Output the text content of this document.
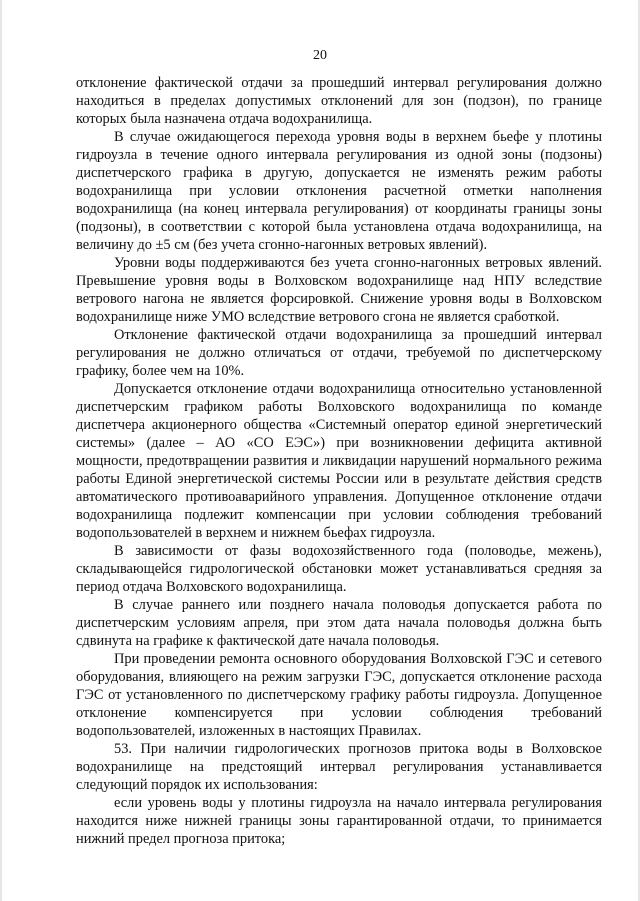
20

отклонение фактической отдачи за прошедший интервал регулирования должно находиться в пределах допустимых отклонений для зон (подзон), по границе которых была назначена отдача водохранилища.

В случае ожидающегося перехода уровня воды в верхнем бьефе у плотины гидроузла в течение одного интервала регулирования из одной зоны (подзоны) диспетчерского графика в другую, допускается не изменять режим работы водохранилища при условии отклонения расчетной отметки наполнения водохранилища (на конец интервала регулирования) от координаты границы зоны (подзоны), в соответствии с которой была установлена отдача водохранилища, на величину до ±5 см (без учета сгонно-нагонных ветровых явлений).

Уровни воды поддерживаются без учета сгонно-нагонных ветровых явлений. Превышение уровня воды в Волховском водохранилище над НПУ вследствие ветрового нагона не является форсировкой. Снижение уровня воды в Волховском водохранилище ниже УМО вследствие ветрового сгона не является сработкой.

Отклонение фактической отдачи водохранилища за прошедший интервал регулирования не должно отличаться от отдачи, требуемой по диспетчерскому графику, более чем на 10%.

Допускается отклонение отдачи водохранилища относительно установленной диспетчерским графиком работы Волховского водохранилища по команде диспетчера акционерного общества «Системный оператор единой энергетический системы» (далее – АО «СО ЕЭС») при возникновении дефицита активной мощности, предотвращении развития и ликвидации нарушений нормального режима работы Единой энергетической системы России или в результате действия средств автоматического противоаварийного управления. Допущенное отклонение отдачи водохранилища подлежит компенсации при условии соблюдения требований водопользователей в верхнем и нижнем бьефах гидроузла.

В зависимости от фазы водохозяйственного года (половодье, межень), складывающейся гидрологической обстановки может устанавливаться средняя за период отдача Волховского водохранилища.

В случае раннего или позднего начала половодья допускается работа по диспетчерским условиям апреля, при этом дата начала половодья должна быть сдвинута на графике к фактической дате начала половодья.

При проведении ремонта основного оборудования Волховской ГЭС и сетевого оборудования, влияющего на режим загрузки ГЭС, допускается отклонение расхода ГЭС от установленного по диспетчерскому графику работы гидроузла. Допущенное отклонение компенсируется при условии соблюдения требований водопользователей, изложенных в настоящих Правилах.

53. При наличии гидрологических прогнозов притока воды в Волховское водохранилище на предстоящий интервал регулирования устанавливается следующий порядок их использования:

если уровень воды у плотины гидроузла на начало интервала регулирования находится ниже нижней границы зоны гарантированной отдачи, то принимается нижний предел прогноза притока;
